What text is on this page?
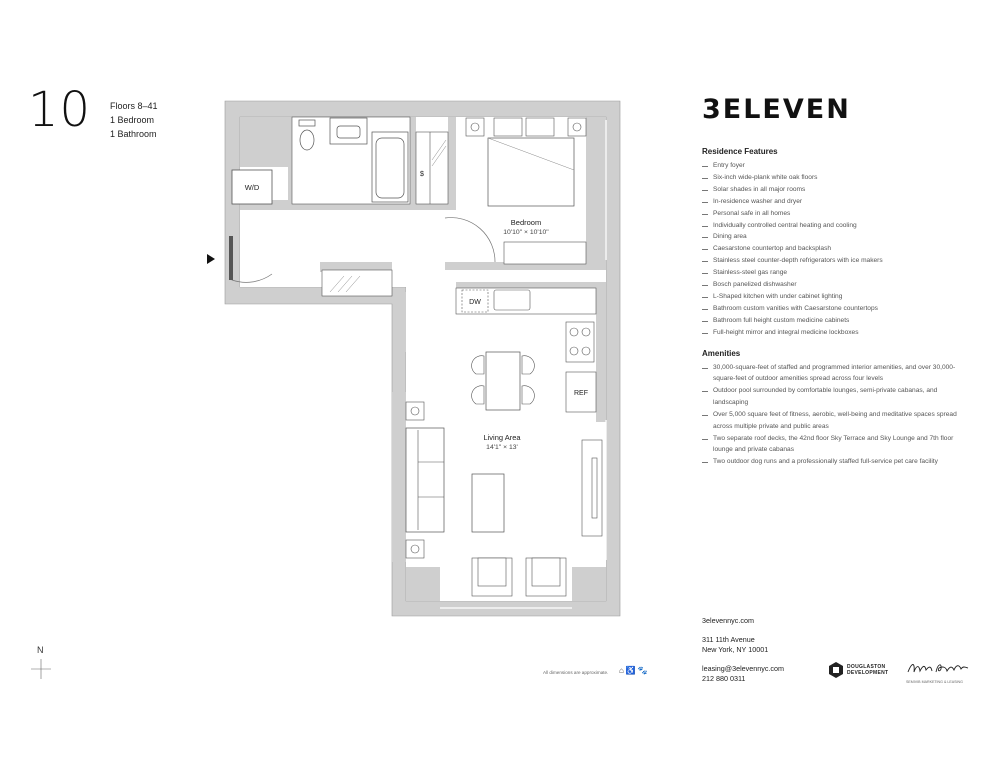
10 Floors 8–41
1 Bedroom
1 Bathroom
W/D
$
Bedroom
10'10" × 10'10"
DW
REF
Living Area
14'1" × 13'
3ELEVEN
Residence Features
Entry foyer
Six-inch wide-plank white oak floors
Solar shades in all major rooms
In-residence washer and dryer
Personal safe in all homes
Individually controlled central heating and cooling
Dining area
Caesarstone countertop and backsplash
Stainless steel counter-depth refrigerators with ice makers
Stainless-steel gas range
Bosch panelized dishwasher
L-Shaped kitchen with under cabinet lighting
Bathroom custom vanities with Caesarstone countertops
Bathroom full height custom medicine cabinets
Full-height mirror and integral medicine lockboxes
Amenities
30,000-square-feet of staffed and programmed interior amenities, and over 30,000-square-feet of outdoor amenities spread across four levels
Outdoor pool surrounded by comfortable lounges, semi-private cabanas, and landscaping
Over 5,000 square feet of fitness, aerobic, well-being and meditative spaces spread across multiple private and public areas
Two separate roof decks, the 42nd floor Sky Terrace and Sky Lounge and 7th floor lounge and private cabanas
Two outdoor dog runs and a professionally staffed full-service pet care facility
3elevennyc.com
311 11th Avenue
New York, NY 10001
leasing@3elevennyc.com
212 880 0311
All dimensions are approximate. ⌂♿🐾	DOUGLASTON
DEVELOPMENT
SEMIVIB MARKETING & LEASING
N
